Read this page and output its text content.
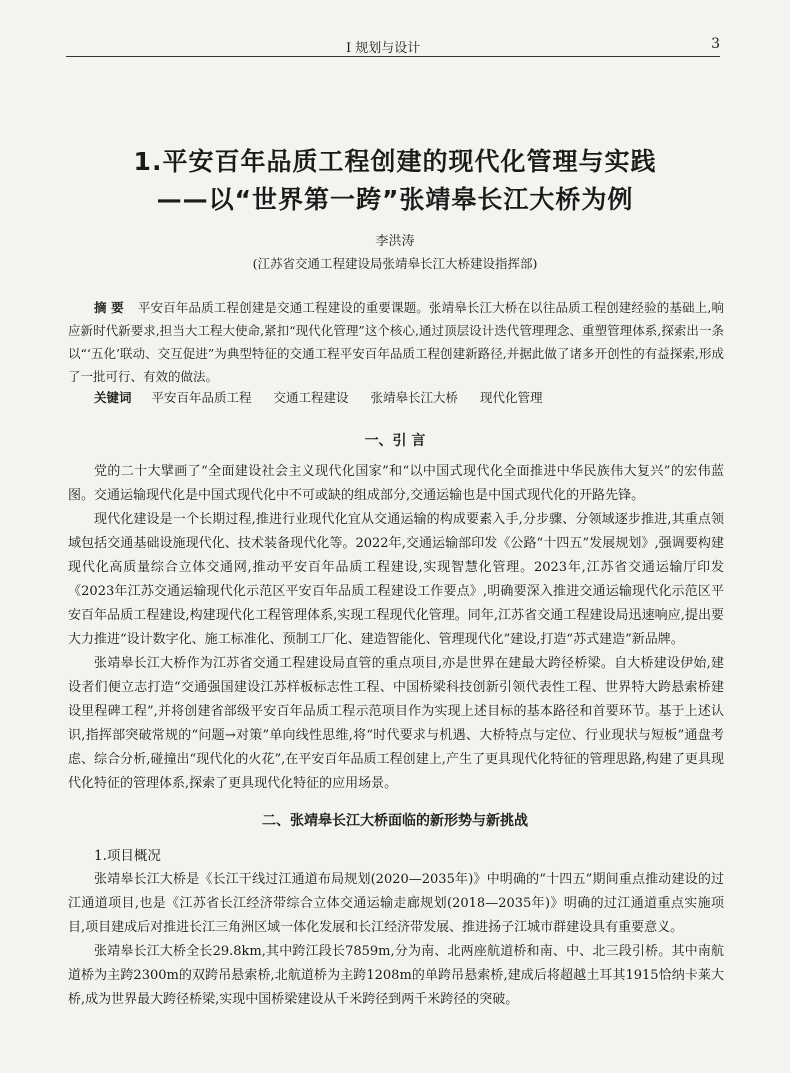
I 规划与设计	3
1.平安百年品质工程创建的现代化管理与实践
——以“世界第一跨”张靖皋长江大桥为例
李洪涛
(江苏省交通工程建设局张靖皋长江大桥建设指挥部)
摘 要 平安百年品质工程创建是交通工程建设的重要课题。张靖皋长江大桥在以往品质工程创建经验的基础上,响应新时代新要求,担当大工程大使命,紧扣“现代化管理”这个核心,通过顶层设计迭代管理理念、重塑管理体系,探索出一条以“‘五化’联动、交互促进”为典型特征的交通工程平安百年品质工程创建新路径,并据此做了诸多开创性的有益探索,形成了一批可行、有效的做法。
关键词 平安百年品质工程 交通工程建设 张靖皋长江大桥 现代化管理
一、引 言

党的二十大擘画了“全面建设社会主义现代化国家”和“以中国式现代化全面推进中华民族伟大复兴”的宏伟蓝图。交通运输现代化是中国式现代化中不可或缺的组成部分,交通运输也是中国式现代化的开路先锋。

现代化建设是一个长期过程,推进行业现代化宜从交通运输的构成要素入手,分步骤、分领域逐步推进,其重点领域包括交通基础设施现代化、技术装备现代化等。2022年,交通运输部印发《公路“十四五”发展规划》,强调要构建现代化高质量综合立体交通网,推动平安百年品质工程建设,实现智慧化管理。2023年,江苏省交通运输厅印发《2023年江苏交通运输现代化示范区平安百年品质工程建设工作要点》,明确要深入推进交通运输现代化示范区平安百年品质工程建设,构建现代化工程管理体系,实现工程现代化管理。同年,江苏省交通工程建设局迅速响应,提出要大力推进“设计数字化、施工标准化、预制工厂化、建造智能化、管理现代化”建设,打造“苏式建造”新品牌。

张靖皋长江大桥作为江苏省交通工程建设局直管的重点项目,亦是世界在建最大跨径桥梁。自大桥建设伊始,建设者们便立志打造“交通强国建设江苏样板标志性工程、中国桥梁科技创新引领代表性工程、世界特大跨悬索桥建设里程碑工程”,并将创建省部级平安百年品质工程示范项目作为实现上述目标的基本路径和首要环节。基于上述认识,指挥部突破常规的“问题→对策”单向线性思维,将“时代要求与机遇、大桥特点与定位、行业现状与短板”通盘考虑、综合分析,碰撞出“现代化的火花”,在平安百年品质工程创建上,产生了更具现代化特征的管理思路,构建了更具现代化特征的管理体系,探索了更具现代化特征的应用场景。

二、张靖皋长江大桥面临的新形势与新挑战
1.项目概况

张靖皋长江大桥是《长江干线过江通道布局规划(2020—2035年)》中明确的“十四五”期间重点推动建设的过江通道项目,也是《江苏省长江经济带综合立体交通运输走廊规划(2018—2035年)》明确的过江通道重点实施项目,项目建成后对推进长江三角洲区域一体化发展和长江经济带发展、推进扬子江城市群建设具有重要意义。

张靖皋长江大桥全长29.8km,其中跨江段长7859m,分为南、北两座航道桥和南、中、北三段引桥。其中南航道桥为主跨2300m的双跨吊悬索桥,北航道桥为主跨1208m的单跨吊悬索桥,建成后将超越土耳其1915恰纳卡莱大桥,成为世界最大跨径桥梁,实现中国桥梁建设从千米跨径到两千米跨径的突破。
